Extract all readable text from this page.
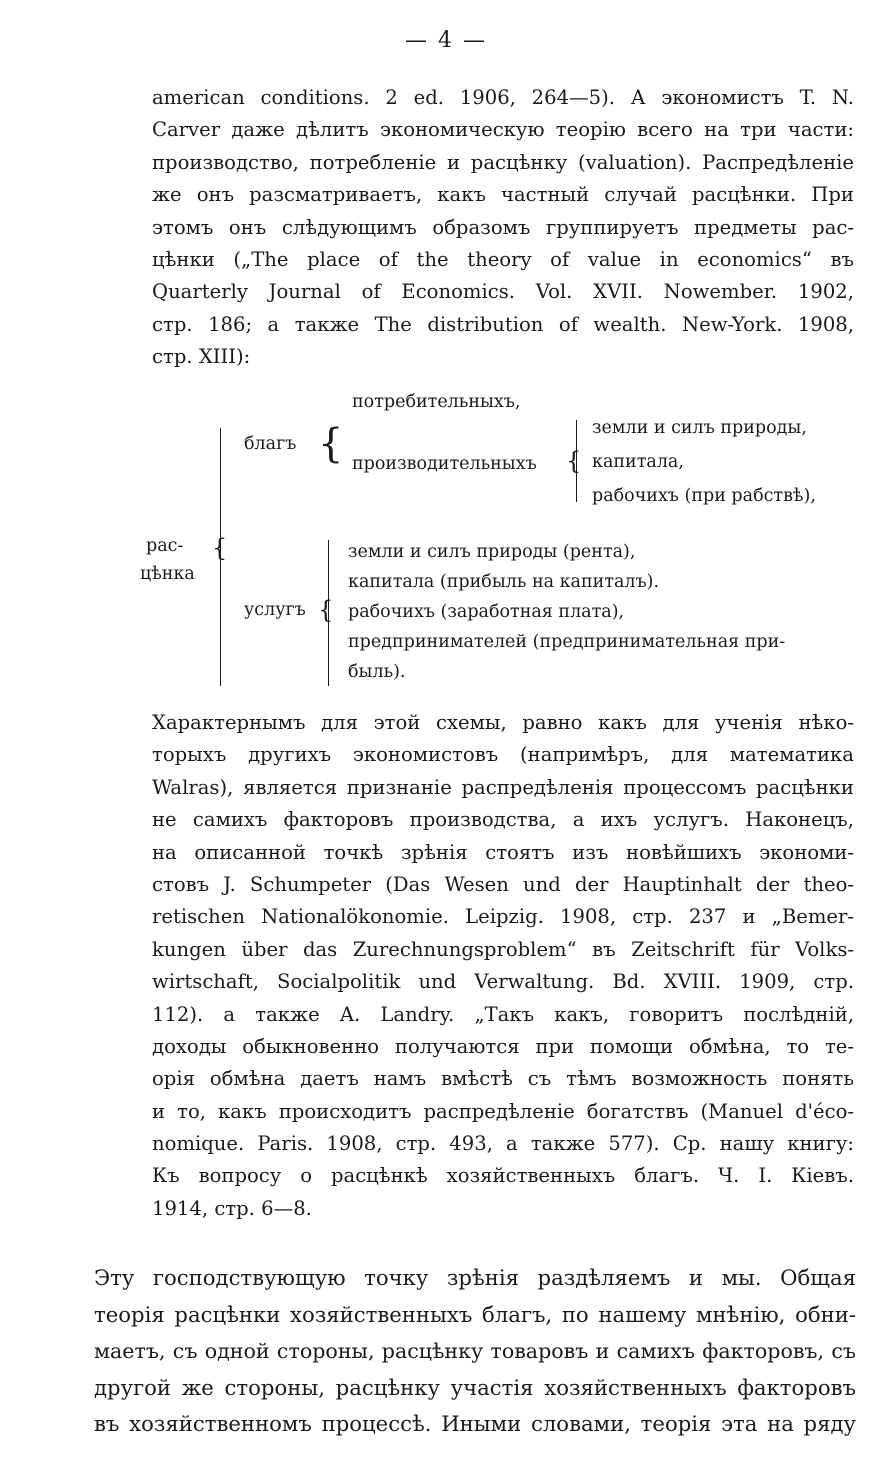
— 4 —
american conditions. 2 ed. 1906, 264—5). А экономистъ T. N.
Carver даже дѣлитъ экономическую теорію всего на три части:
производство, потребленіе и расцѣнку (valuation). Распредѣленіе
же онъ разсматриваетъ, какъ частный случай расцѣнки. При
этомъ онъ слѣдующимъ образомъ группируетъ предметы рас-
цѣнки („The place of the theory of value in economics“ въ
Quarterly Journal of Economics. Vol. XVII. Nowember. 1902,
стр. 186; а также The distribution of wealth. New-York. 1908,
стр. XIII):
рас-
цѣнка
{
благъ {
потребительныхъ,
производительныхъ {
земли и силъ природы,
капитала,
рабочихъ (при рабствѣ),
услугъ {
земли и силъ природы (рента),
капитала (прибыль на капиталъ).
рабочихъ (заработная плата),
предпринимателей (предпринимательная при-
быль).
Характернымъ для этой схемы, равно какъ для ученія нѣко-
торыхъ другихъ экономистовъ (напримѣръ, для математика
Walras), является признаніе распредѣленія процессомъ расцѣнки
не самихъ факторовъ производства, а ихъ услугъ. Наконецъ,
на описанной точкѣ зрѣнія стоятъ изъ новѣйшихъ экономи-
стовъ J. Schumpeter (Das Wesen und der Hauptinhalt der theo-
retischen Nationalökonomie. Leipzig. 1908, стр. 237 и „Bemer-
kungen über das Zurechnungsproblem“ въ Zeitschrift für Volks-
wirtschaft, Socialpolitik und Verwaltung. Bd. XVIII. 1909, стр.
112). а также A. Landry. „Такъ какъ, говоритъ послѣдній,
доходы обыкновенно получаются при помощи обмѣна, то те-
орія обмѣна даетъ намъ вмѣстѣ съ тѣмъ возможность понять
и то, какъ происходитъ распредѣленіе богатствъ (Manuel d'éco-
nomique. Paris. 1908, стр. 493, а также 577). Ср. нашу книгу:
Къ вопросу о расцѣнкѣ хозяйственныхъ благъ. Ч. I. Кіевъ.
1914, стр. 6—8.
Эту господствующую точку зрѣнія раздѣляемъ и мы. Общая
теорія расцѣнки хозяйственныхъ благъ, по нашему мнѣнію, обни-
маетъ, съ одной стороны, расцѣнку товаровъ и самихъ факторовъ, съ
другой же стороны, расцѣнку участія хозяйственныхъ факторовъ
въ хозяйственномъ процессѣ. Иными словами, теорія эта на ряду
